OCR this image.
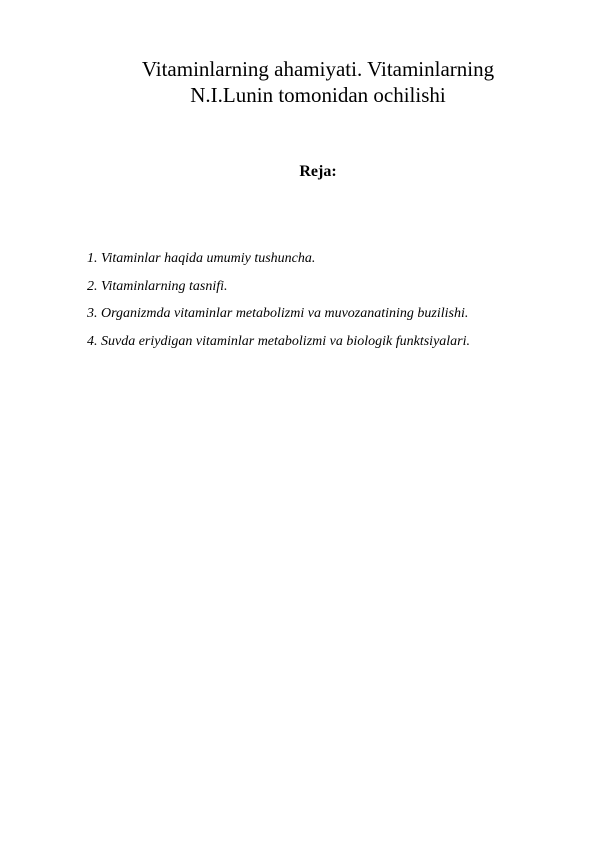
Vitaminlarning ahamiyati. Vitaminlarning
N.I.Lunin tomonidan ochilishi

Reja:

1. Vitaminlar haqida umumiy tushuncha.
2. Vitaminlarning tasnifi.
3. Organizmda vitaminlar metabolizmi va muvozanatining buzilishi.
4. Suvda eriydigan vitaminlar metabolizmi va biologik funktsiyalari.
